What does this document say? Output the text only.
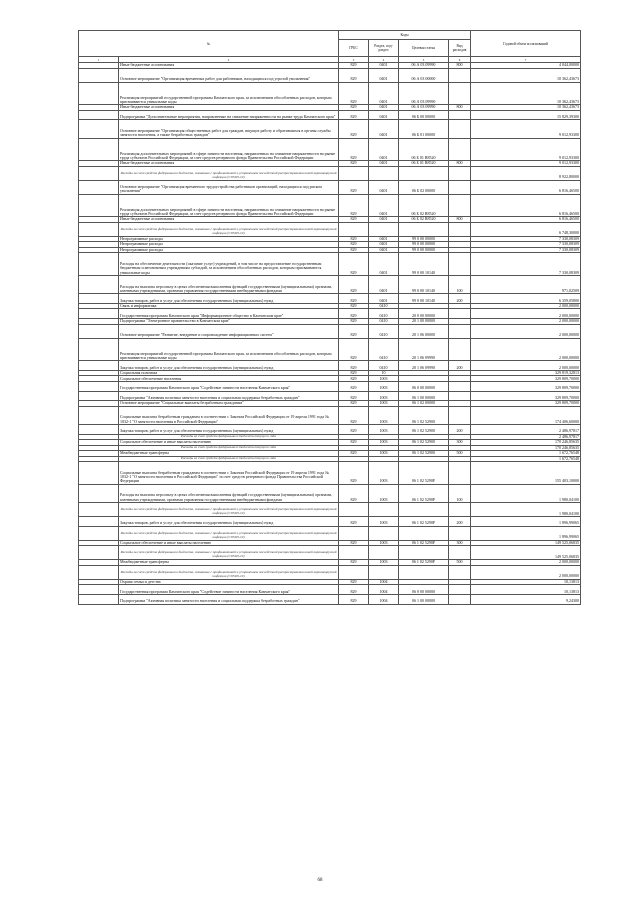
№		Коды				Годовой объем ассигнований
		ГРБС	Раздел, под-раздел	Целевая статья	Вид расходов	
1	2	3	4	5	6	7
	Иные бюджетные ассигнования	829	0401	06 А 03 09990	800	4 044,00000
	Основное мероприятие "Организация временных работ для работников, находящихся под угрозой увольнения"	829	0401	06 А 03 00000		10 362,43673
	Реализация мероприятий государственной программы Камчатского края, за исключением обособленных расходов, которым присваиваются уникальные коды	829	0401	06 А 03 09990		10 362,43673
	Иные бюджетные ассигнования	829	0401	06 А 03 09990	800	10 362,43673
	Подпрограмма "Дополнительные мероприятия, направленные на снижение напряженности на рынке труда Камчатского края"	829	0401	06 Б 00 00000		15 829,39300
	Основное мероприятие "Организация общественных работ для граждан, ищущих работу и обратившихся в органы службы занятости населения, а также безработных граждан"	829	0401	06 Б 01 00000		9 012,93300
	Реализация дополнительных мероприятий в сфере занятости населения, направленных на снижение напряженности на рынке труда субъектов Российской Федерации, за счет средств резервного фонда Правительства Российской Федерации	829	0401	06 Б 01 R8520		9 012,93300
	Иные бюджетные ассигнования	829	0401	06 Б 01 R8520	800	9 012,93300
	Расходы за счет средств федерального бюджета, связанные с профилактикой и устранением последствий распространения новой коронавирусной инфекции (COVID-19)					8 922,80000
	Основное мероприятие "Организация временного трудоустройства работников организаций, находящихся под риском увольнения"	829	0401	06 Б 02 00000		6 816,46500
	Реализация дополнительных мероприятий в сфере занятости населения, направленных на снижение напряженности на рынке труда субъектов Российской Федерации, за счет средств резервного фонда Правительства Российской Федерации	829	0401	06 Б 02 R8520		6 816,46500
	Иные бюджетные ассигнования	829	0401	06 Б 02 R8520	800	6 816,46500
	Расходы за счет средств федерального бюджета, связанные с профилактикой и устранением последствий распространения новой коронавирусной инфекции (COVID-19)					6 748,30000
	Непрограммные расходы	829	0401	99 0 00 00000		7 330,08309
	Непрограммные расходы	829	0401	99 0 00 00000		7 330,08309
	Непрограммные расходы	829	0401	99 0 00 00000		7 330,08309
	Расходы на обеспечение деятельности (оказание услуг) учреждений, в том числе на предоставление государственным бюджетным и автономным учреждениям субсидий, за исключением обособленных расходов, которым присваиваются уникальные коды	829	0401	99 0 00 10140		7 330,08309
	Расходы на выплаты персоналу в целях обеспечения выполнения функций государственными (муниципальными) органами, казенными учреждениями, органами управления государственными внебюджетными фондами	829	0401	99 0 00 10140	100	971,02509
	Закупка товаров, работ и услуг для обеспечения государственных (муниципальных) нужд	829	0401	99 0 00 10140	200	6 359,05800
	Связь и информатика	829	0410			2 000,00000
	Государственная программа Камчатского края "Информационное общество в Камчатском крае"	829	0410	20 0 00 00000		2 000,00000
	Подпрограмма "Электронное правительство в Камчатском крае"	829	0410	20 1 00 00000		2 000,00000
	Основное мероприятие "Развитие, внедрение и сопровождение информационных систем"	829	0410	20 1 06 00000		2 000,00000
	Реализация мероприятий государственной программы Камчатского края, за исключением обособленных расходов, которым присваиваются уникальные коды	829	0410	20 1 06 09990		2 000,00000
	Закупка товаров, работ и услуг для обеспечения государственных (муниципальных) нужд	829	0410	20 1 06 09990	200	2 000,00000
	Социальная политика	829	10			329 819,32813
	Социальное обеспечение населения	829	1003			329 809,70000
	Государственная программа Камчатского края "Содействие занятости населения Камчатского края"	829	1003	06 0 00 00000		329 809,70000
	Подпрограмма "Активная политика занятости населения и социальная поддержка безработных граждан"	829	1003	06 1 00 00000		329 809,70000
	Основное мероприятие "Социальные выплаты безработным гражданам"	829	1003	06 1 02 00000		329 809,70000
	Социальные выплаты безработным гражданам в соответствии с Законом Российской Федерации от 19 апреля 1991 года № 1032-1 "О занятости населения в Российской Федерации"	829	1003	06 1 02 52900		174 406,60000
	Закупка товаров, работ и услуг для обеспечения государственных (муниципальных) нужд	829	1003	06 1 02 52900	200	2 486,97817
	Расходы за счет средств федерального бюджета текущего года					2 486,97817
	Социальное обеспечение и иные выплаты населению	829	1003	06 1 02 52900	300	170 246,85635
	Расходы за счет средств федерального бюджета текущего года					170 246,85635
	Межбюджетные трансферты	829	1003	06 1 02 52900	500	1 672,76548
	Расходы за счет средств федерального бюджета текущего года					1 672,76548
	Социальные выплаты безработным гражданам в соответствии с Законом Российской Федерации от 19 апреля 1991 года № 1032-1 "О занятости населения в Российской Федерации" за счет средств резервного фонда Правительства Российской Федерации	829	1003	06 1 02 5290F		155 403,10000
	Расходы на выплаты персоналу в целях обеспечения выполнения функций государственными (муниципальными) органами, казенными учреждениями, органами управления государственными внебюджетными фондами	829	1003	06 1 02 5290F	100	1 980,04100
	Расходы за счет средств федерального бюджета, связанные с профилактикой и устранением последствий распространения новой коронавирусной инфекции (COVID-19)					1 980,04100
	Закупка товаров, работ и услуг для обеспечения государственных (муниципальных) нужд	829	1003	06 1 02 5290F	200	1 896,99065
	Расходы за счет средств федерального бюджета, связанные с профилактикой и устранением последствий распространения новой коронавирусной инфекции (COVID-19)					1 896,99065
	Социальное обеспечение и иные выплаты населению	829	1003	06 1 02 5290F	300	149 525,06835
	Расходы за счет средств федерального бюджета, связанные с профилактикой и устранением последствий распространения новой коронавирусной инфекции (COVID-19)					149 525,06835
	Межбюджетные трансферты	829	1003	06 1 02 5290F	500	2 000,00000
	Расходы за счет средств федерального бюджета, связанные с профилактикой и устранением последствий распространения новой коронавирусной инфекции (COVID-19)					2 000,00000
	Охрана семьи и детства	829	1004			10,13813
	Государственная программа Камчатского края "Содействие занятости населения Камчатского края"	829	1004	06 0 00 00000		10,13813
	Подпрограмма "Активная политика занятости населения и социальная поддержка безработных граждан"	829	1004	06 1 00 00000		9,24300
68
